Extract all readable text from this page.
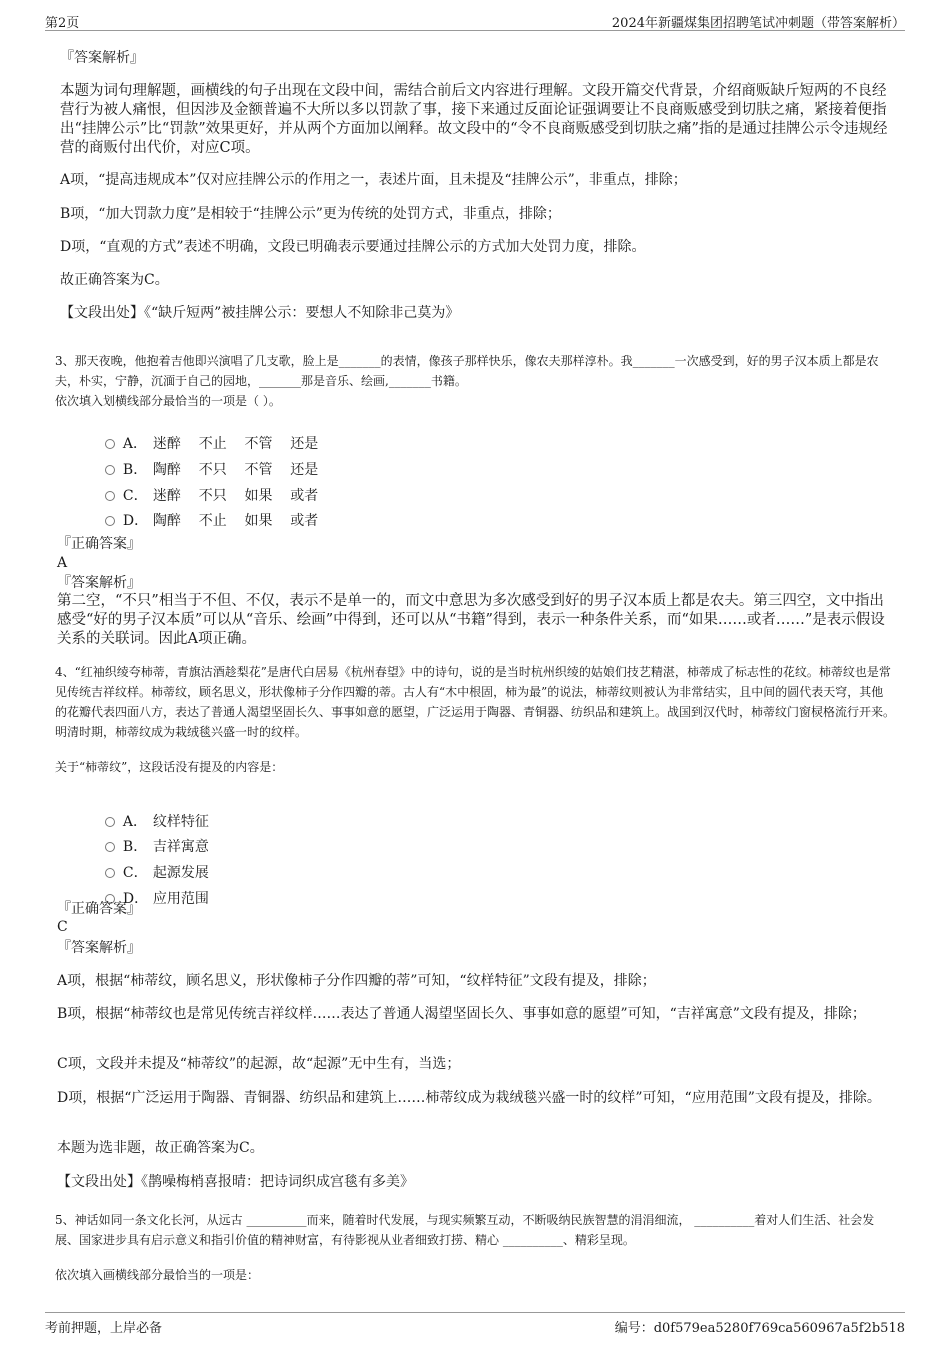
第2页	2024年新疆煤集团招聘笔试冲刺题（带答案解析）
『答案解析』
本题为词句理解题，画横线的句子出现在文段中间，需结合前后文内容进行理解。文段开篇交代背景，介绍商贩缺斤短两的不良经营行为被人痛恨，但因涉及金额普遍不大所以多以罚款了事，接下来通过反面论证强调要让不良商贩感受到切肤之痛，紧接着便指出“挂牌公示”比“罚款”效果更好，并从两个方面加以阐释。故文段中的“令不良商贩感受到切肤之痛”指的是通过挂牌公示令违规经营的商贩付出代价，对应C项。
A项，“提高违规成本”仅对应挂牌公示的作用之一，表述片面，且未提及“挂牌公示”，非重点，排除；
B项，“加大罚款力度”是相较于“挂牌公示”更为传统的处罚方式，非重点，排除；
D项，“直观的方式”表述不明确，文段已明确表示要通过挂牌公示的方式加大处罚力度，排除。
故正确答案为C。
【文段出处】《“缺斤短两”被挂牌公示：要想人不知除非己莫为》
3、那天夜晚，他抱着吉他即兴演唱了几支歌，脸上是_______的表情，像孩子那样快乐，像农夫那样淳朴。我_______一次感受到，好的男子汉本质上都是农夫，朴实，宁静，沉湎于自己的园地，_______那是音乐、绘画,_______书籍。
依次填入划横线部分最恰当的一项是（ ）。

A． 迷醉    不止    不管    还是

B． 陶醉    不只    不管    还是

C． 迷醉    不只    如果    或者

D． 陶醉    不止    如果    或者

『正确答案』
A
『答案解析』
第二空，“不只”相当于不但、不仅，表示不是单一的，而文中意思为多次感受到好的男子汉本质上都是农夫。第三四空，文中指出感受“好的男子汉本质”可以从“音乐、绘画”中得到，还可以从“书籍”得到，表示一种条件关系，而“如果……或者……”是表示假设关系的关联词。因此A项正确。
4、“红袖织绫夸柿蒂，青旗沽酒趁梨花”是唐代白居易《杭州春望》中的诗句，说的是当时杭州织绫的姑娘们技艺精湛，柿蒂成了标志性的花纹。柿蒂纹也是常见传统吉祥纹样。柿蒂纹，顾名思义，形状像柿子分作四瓣的蒂。古人有“木中根固，柿为最”的说法，柿蒂纹则被认为非常结实，且中间的圆代表天穹，其他的花瓣代表四面八方，表达了普通人渴望坚固长久、事事如意的愿望，广泛运用于陶器、青铜器、纺织品和建筑上。战国到汉代时，柿蒂纹门窗棂格流行开来。明清时期，柿蒂纹成为栽绒毯兴盛一时的纹样。
关于“柿蒂纹”，这段话没有提及的内容是：

A． 纹样特征

B． 吉祥寓意

C． 起源发展

D． 应用范围

『正确答案』
C
『答案解析』
A项，根据“柿蒂纹，顾名思义，形状像柿子分作四瓣的蒂”可知，“纹样特征”文段有提及，排除；
B项，根据“柿蒂纹也是常见传统吉祥纹样……表达了普通人渴望坚固长久、事事如意的愿望”可知，“吉祥寓意”文段有提及，排除；
C项，文段并未提及“柿蒂纹”的起源，故“起源”无中生有，当选；
D项，根据“广泛运用于陶器、青铜器、纺织品和建筑上……柿蒂纹成为栽绒毯兴盛一时的纹样”可知，“应用范围”文段有提及，排除。
本题为选非题，故正确答案为C。
【文段出处】《鹊噪梅梢喜报晴：把诗词织成宫毯有多美》
5、神话如同一条文化长河，从远古 __________而来，随着时代发展，与现实频繁互动，不断吸纳民族智慧的涓涓细流， __________着对人们生活、社会发展、国家进步具有启示意义和指引价值的精神财富，有待影视从业者细致打捞、精心 __________、精彩呈现。
依次填入画横线部分最恰当的一项是：
考前押题，上岸必备	编号：d0f579ea5280f769ca560967a5f2b518
